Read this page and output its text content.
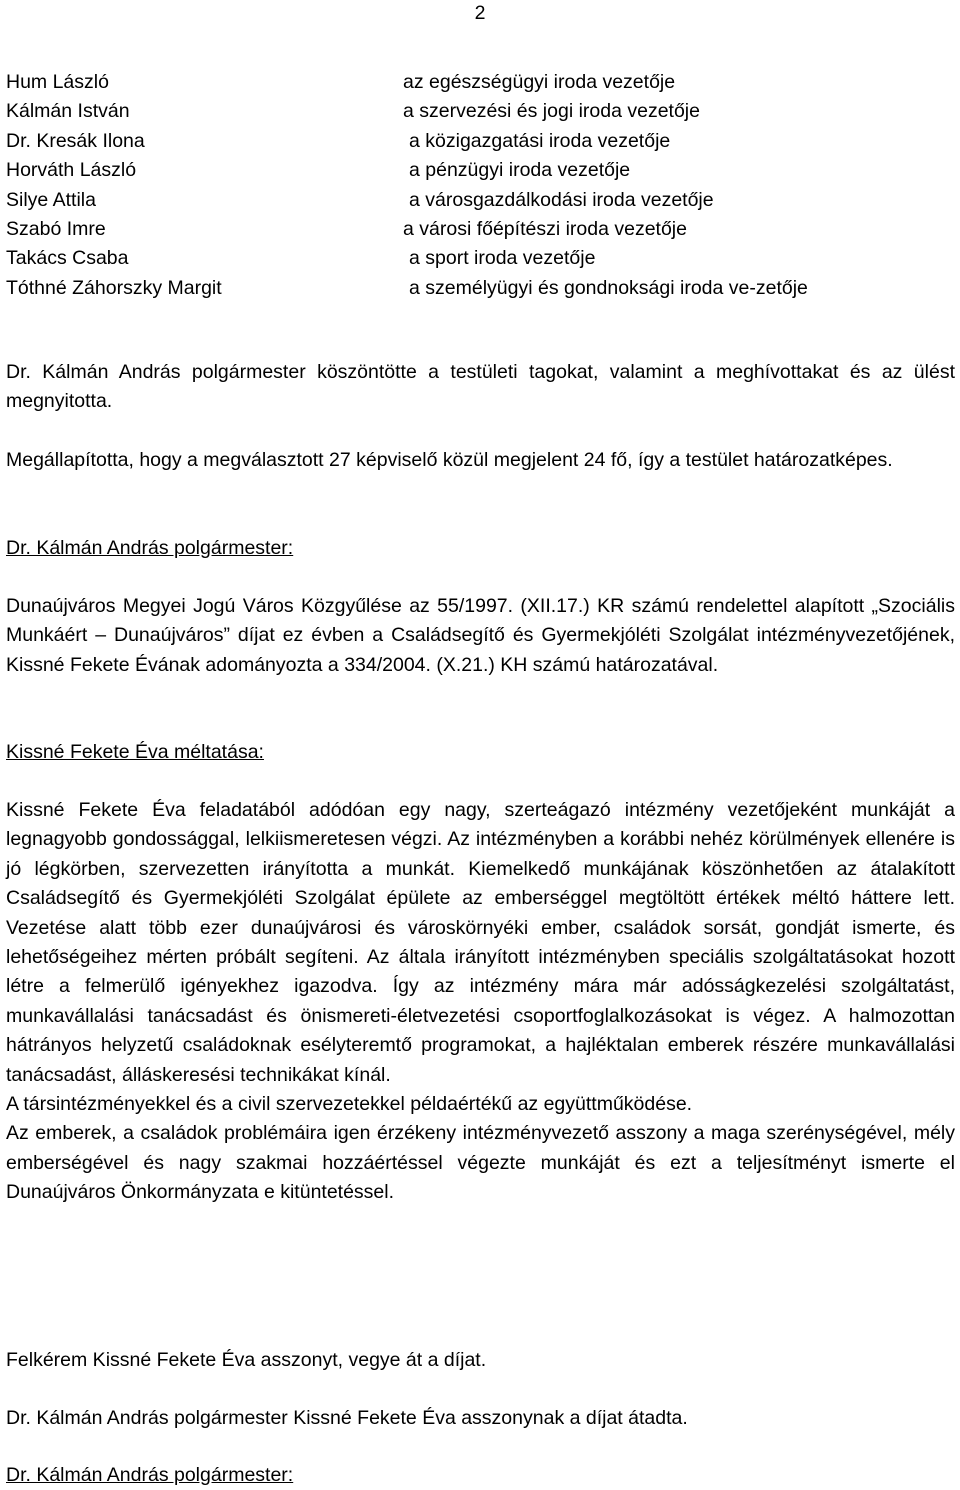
2
Hum László	az egészségügyi iroda vezetője
Kálmán István	a szervezési és jogi iroda vezetője
Dr. Kresák Ilona	a közigazgatási iroda vezetője
Horváth László	a pénzügyi iroda vezetője
Silye Attila	a városgazdálkodási iroda vezetője
Szabó Imre	a városi főépítészi iroda vezetője
Takács Csaba	a sport iroda vezetője
Tóthné Záhorszky Margit	a személyügyi és gondnoksági iroda ve-zetője

Dr. Kálmán András polgármester köszöntötte a testületi tagokat, valamint a meghívottakat és az ülést megnyitotta.

Megállapította, hogy a megválasztott 27 képviselő közül megjelent 24 fő, így a testület határozatképes.

Dr. Kálmán András polgármester:

Dunaújváros Megyei Jogú Város Közgyűlése az 55/1997. (XII.17.) KR számú rendelettel alapított „Szociális Munkáért – Dunaújváros” díjat ez évben a Családsegítő és Gyermekjóléti Szolgálat intézményvezetőjének, Kissné Fekete Évának adományozta a 334/2004. (X.21.) KH számú határozatával.

Kissné Fekete Éva méltatása:

Kissné Fekete Éva feladatából adódóan egy nagy, szerteágazó intézmény vezetőjeként munkáját a legnagyobb gondossággal, lelkiismeretesen végzi. Az intézményben a korábbi nehéz körülmények ellenére is jó légkörben, szervezetten irányította a munkát. Kiemelkedő munkájának köszönhetően az átalakított Családsegítő és Gyermekjóléti Szolgálat épülete az emberséggel megtöltött értékek méltó háttere lett. Vezetése alatt több ezer dunaújvárosi és városkörnyéki ember, családok sorsát, gondját ismerte, és lehetőségeihez mérten próbált segíteni. Az általa irányított intézményben speciális szolgáltatásokat hozott létre a felmerülő igényekhez igazodva. Így az intézmény mára már adósságkezelési szolgáltatást, munkavállalási tanácsadást és önismereti-életvezetési csoportfoglalkozásokat is végez. A halmozottan hátrányos helyzetű családoknak esélyteremtő programokat, a hajléktalan emberek részére munkavállalási tanácsadást, álláskeresési technikákat kínál.

A társintézményekkel és a civil szervezetekkel példaértékű az együttműködése.

Az emberek, a családok problémáira igen érzékeny intézményvezető asszony a maga szerénységével, mély emberségével és nagy szakmai hozzáértéssel végezte munkáját és ezt a teljesítményt ismerte el Dunaújváros Önkormányzata e kitüntetéssel.

Felkérem Kissné Fekete Éva asszonyt, vegye át a díjat.

Dr. Kálmán András polgármester Kissné Fekete Éva asszonynak a díjat átadta.

Dr. Kálmán András polgármester:
